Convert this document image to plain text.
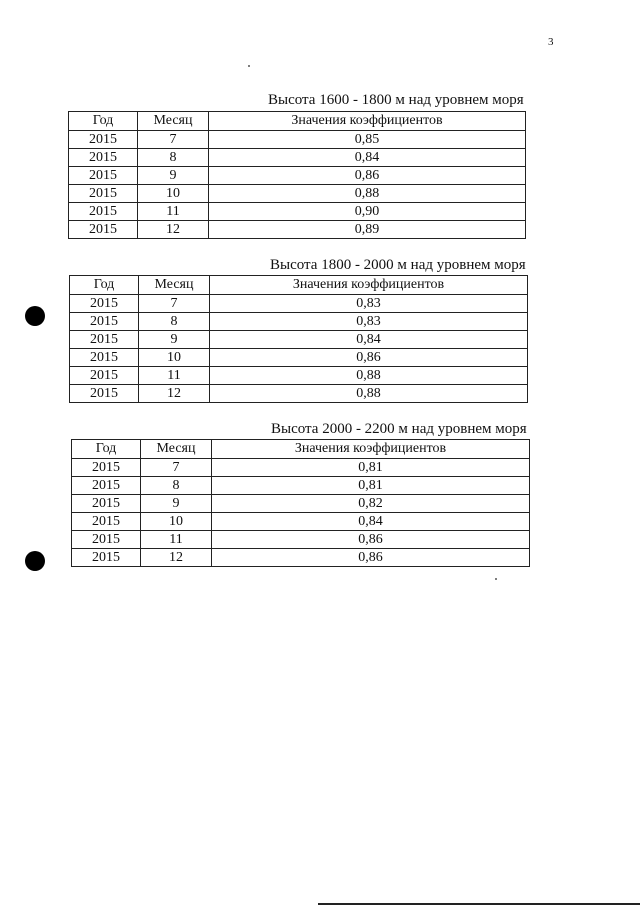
3
Высота 1600 - 1800 м над уровнем моря
Год	Месяц	Значения коэффициентов
2015	7	0,85
2015	8	0,84
2015	9	0,86
2015	10	0,88
2015	11	0,90
2015	12	0,89
Высота 1800 - 2000 м над уровнем моря
Год	Месяц	Значения коэффициентов
2015	7	0,83
2015	8	0,83
2015	9	0,84
2015	10	0,86
2015	11	0,88
2015	12	0,88
Высота 2000 - 2200 м над уровнем моря
Год	Месяц	Значения коэффициентов
2015	7	0,81
2015	8	0,81
2015	9	0,82
2015	10	0,84
2015	11	0,86
2015	12	0,86
